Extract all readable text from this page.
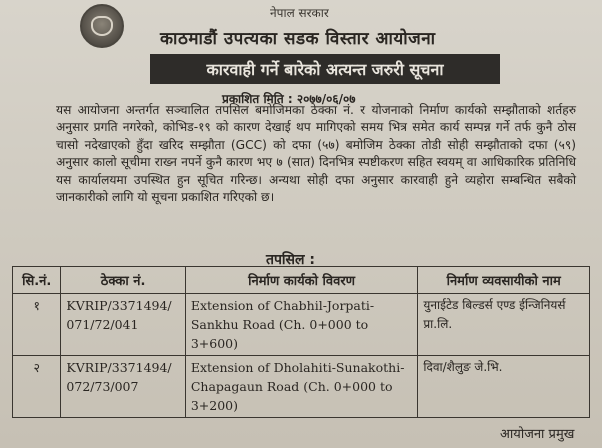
नेपाल सरकार
काठमाडौं उपत्यका सडक विस्तार आयोजना
कारवाही गर्ने बारेको अत्यन्त जरुरी सूचना
प्रकाशित मिति : २०७७/०६/०७
यस आयोजना अन्तर्गत सञ्चालित तपसिल बमोजिमका ठेक्का नं. र योजनाको निर्माण कार्यको सम्झौताको शर्तहरु अनुसार प्रगति नगरेको, कोभिड-१९ को कारण देखाई थप मागिएको समय भित्र समेत कार्य सम्पन्न गर्ने तर्फ कुनै ठोस चासो नदेखाएको हुँदा खरिद सम्झौता (GCC) को दफा (५७) बमोजिम ठेक्का तोडी सोही सम्झौताको दफा (५९) अनुसार कालो सूचीमा राख्न नपर्ने कुनै कारण भए ७ (सात) दिनभित्र स्पष्टीकरण सहित स्वयम् वा आधिकारिक प्रतिनिधि यस कार्यालयमा उपस्थित हुन सूचित गरिन्छ। अन्यथा सोही दफा अनुसार कारवाही हुने व्यहोरा सम्बन्धित सबैको जानकारीको लागि यो सूचना प्रकाशित गरिएको छ।
तपसिल :
सि.नं.	ठेक्का नं.	निर्माण कार्यको विवरण	निर्माण व्यवसायीको नाम
१	KVRIP/3371494/ 071/72/041	Extension of Chabhil-Jorpati-Sankhu Road (Ch. 0+000 to 3+600)	युनाईटेड बिल्डर्स एण्ड ईन्जिनियर्स प्रा.लि.
२	KVRIP/3371494/ 072/73/007	Extension of Dholahiti-Sunakothi-Chapagaun Road (Ch. 0+000 to 3+200)	दिवा/शैलुङ जे.भि.
आयोजना प्रमुख
